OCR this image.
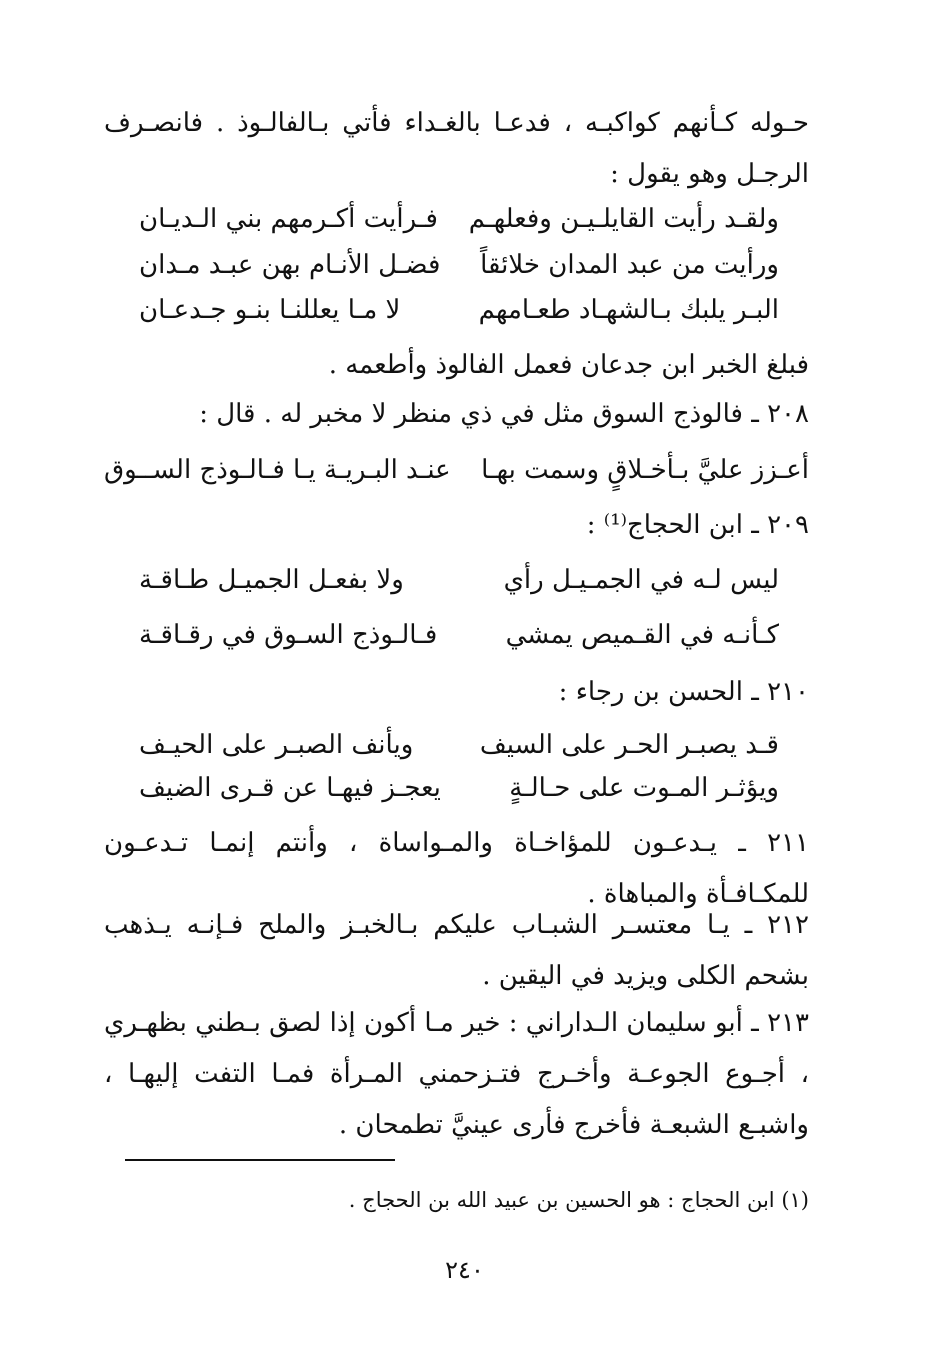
حـوله كـأنهم كواكبـه ، فدعـا بالغـداء فأتي بـالفالـوذ . فانصـرف الرجـل وهو يقول :

ولقـد رأيت القايلـيـن وفعلهـم
فـرأيت أكـرمهم بني الـديـان
ورأيت من عبد المدان خلائقاً
فضـل الأنـام بهن عبـد مـدان
البـر يلبك بـالشهـاد طعـامهم
لا مـا يعللنـا بنـو جـدعـان
فبلغ الخبر ابن جدعان فعمل الفالوذ وأطعمه .
٢٠٨ ـ فالوذج السوق مثل في ذي منظر لا مخبر له . قال :
أعـزز عليَّ بـأخـلاقٍ وسمت بهـا
عنـد البـريـة يـا فـالـوذج الســوق
٢٠٩ ـ ابن الحجاج⁽¹⁾ :
ليس لـه في الجمـيـل رأي
ولا بفعـل الجميـل طـاقـة
كـأنـه في القـميص يمشي
فـالـوذج السـوق في رقـاقـة
٢١٠ ـ الحسن بن رجاء :
قـد يصبـر الحـر على السيف
ويأنف الصبـر على الحيـف
ويؤثـر المـوت على حـالـةٍ
يعجـز فيهـا عن قـرى الضيف

٢١١ ـ يـدعـون للمؤاخـاة والمـواساة ، وأنتم إنمـا تـدعـون للمكـافـأة والمباهاة .

٢١٢ ـ يـا معتسـر الشبـاب عليكم بـالخبـز والملح فـإنـه يـذهب بشحم الكلى ويزيد في اليقين .

٢١٣ ـ أبو سليمان الـداراني : خير مـا أكون إذا لصق بـطني بظهـري ، أجـوع الجوعـة وأخـرج فتـزحمني المـرأة فمـا التفت إليهـا ، واشبـع الشبعـة فأخرج فأرى عينيَّ تطمحان .

(١) ابن الحجاج : هو الحسين بن عبيد الله بن الحجاج .
٢٤٠
